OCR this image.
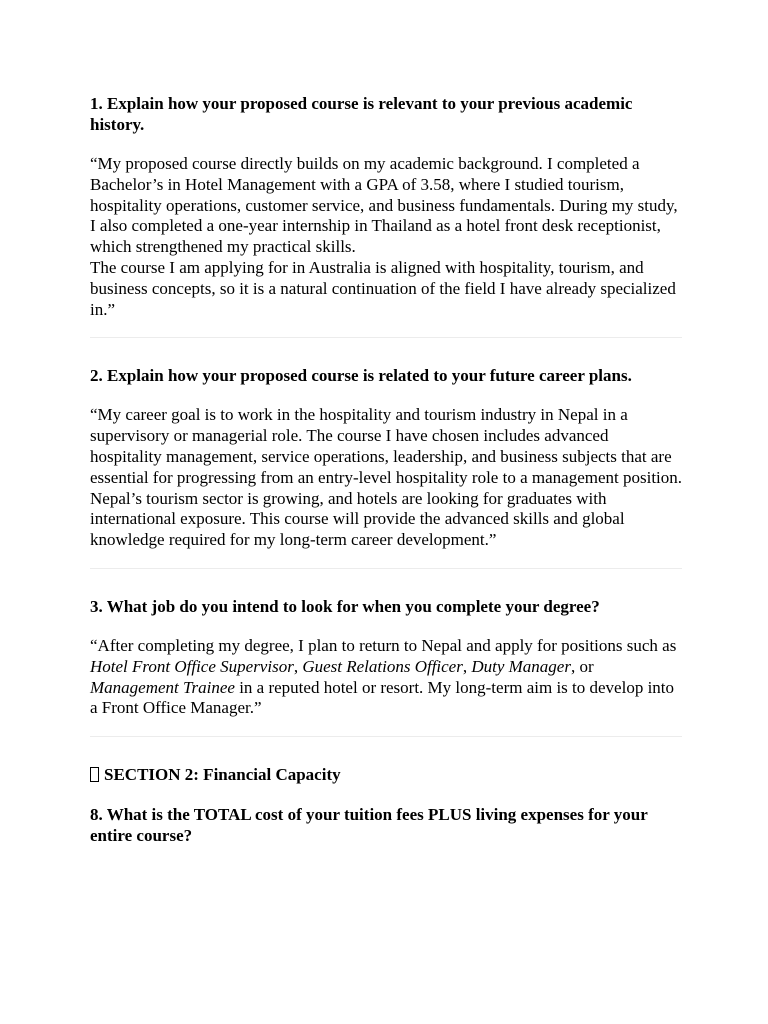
1. Explain how your proposed course is relevant to your previous academic history.

“My proposed course directly builds on my academic background. I completed a Bachelor’s in Hotel Management with a GPA of 3.58, where I studied tourism, hospitality operations, customer service, and business fundamentals. During my study, I also completed a one-year internship in Thailand as a hotel front desk receptionist, which strengthened my practical skills.

The course I am applying for in Australia is aligned with hospitality, tourism, and business concepts, so it is a natural continuation of the field I have already specialized in.”

2. Explain how your proposed course is related to your future career plans.

“My career goal is to work in the hospitality and tourism industry in Nepal in a supervisory or managerial role. The course I have chosen includes advanced hospitality management, service operations, leadership, and business subjects that are essential for progressing from an entry-level hospitality role to a management position.

Nepal’s tourism sector is growing, and hotels are looking for graduates with international exposure. This course will provide the advanced skills and global knowledge required for my long-term career development.”

3. What job do you intend to look for when you complete your degree?

“After completing my degree, I plan to return to Nepal and apply for positions such as Hotel Front Office Supervisor, Guest Relations Officer, Duty Manager, or Management Trainee in a reputed hotel or resort. My long-term aim is to develop into a Front Office Manager.”

SECTION 2: Financial Capacity
8. What is the TOTAL cost of your tuition fees PLUS living expenses for your entire course?
